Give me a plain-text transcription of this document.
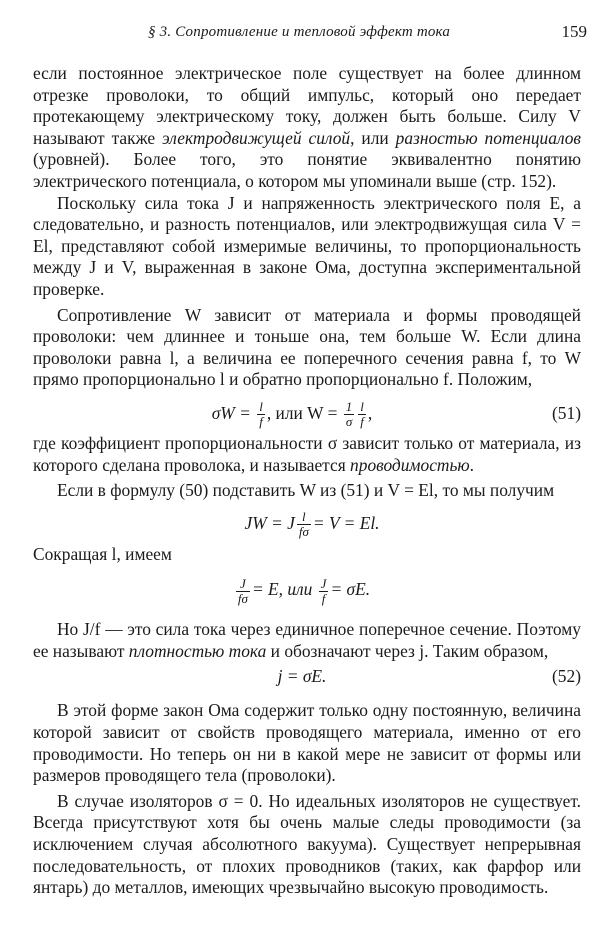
§ 3. Сопротивление и тепловой эффект тока	159

если постоянное электрическое поле существует на более длинном отрезке проволоки, то общий импульс, который оно передает протекающему электрическому току, должен быть больше. Силу V называют также электродвижущей силой, или разностью потенциалов (уровней). Более того, это понятие эквивалентно понятию электрического потенциала, о котором мы упоминали выше (стр. 152).

Поскольку сила тока J и напряженность электрического поля E, а следовательно, и разность потенциалов, или электродвижущая сила V = El, представляют собой измеримые величины, то пропорциональность между J и V, выраженная в законе Ома, доступна экспериментальной проверке.

Сопротивление W зависит от материала и формы проводящей проволоки: чем длиннее и тоньше она, тем больше W. Если длина проволоки равна l, а величина ее поперечного сечения равна f, то W прямо пропорционально l и обратно пропорционально f. Положим,

$\sigma W = \frac{l}{f}$ , или $W = \frac{1}{\sigma} \frac{l}{f}$ ,	(51)

где коэффициент пропорциональности σ зависит только от материала, из которого сделана проволока, и называется проводимостью.

Если в формулу (50) подставить W из (51) и V = El, то мы получим

JW = J $\frac{l}{f\sigma} = V = El$.

Сокращая l, имеем

$\frac{J}{f\sigma} = E$, или $\frac{J}{f} = \sigma E$.

Но J/f — это сила тока через единичное поперечное сечение. Поэтому ее называют плотностью тока и обозначают через j. Таким образом,

j = σE.	(52)

В этой форме закон Ома содержит только одну постоянную, величина которой зависит от свойств проводящего материала, именно от его проводимости. Но теперь он ни в какой мере не зависит от формы или размеров проводящего тела (проволоки).

В случае изоляторов σ = 0. Но идеальных изоляторов не существует. Всегда присутствуют хотя бы очень малые следы проводимости (за исключением случая абсолютного вакуума). Существует непрерывная последовательность, от плохих проводников (таких, как фарфор или янтарь) до металлов, имеющих чрезвычайно высокую проводимость.
